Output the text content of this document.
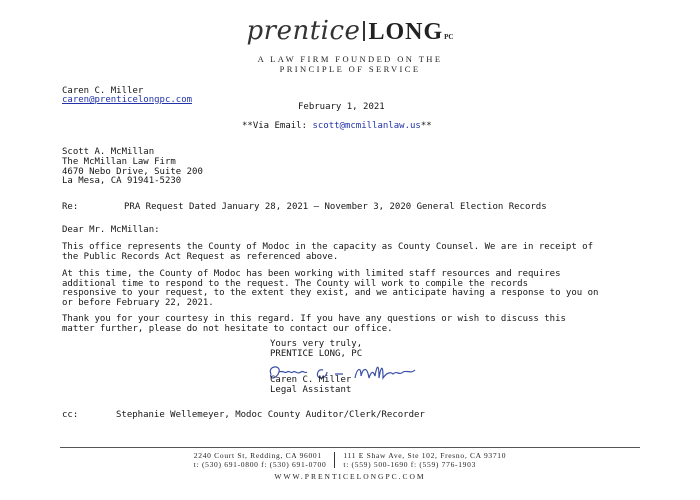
prentice LONGPC
A LAW FIRM FOUNDED ON THE
PRINCIPLE OF SERVICE
Caren C. Miller
caren@prenticelongpc.com
February 1, 2021
**Via Email: scott@mcmillanlaw.us**
Scott A. McMillan
The McMillan Law Firm
4670 Nebo Drive, Suite 200
La Mesa, CA 91941-5230
Re:	PRA Request Dated January 28, 2021 – November 3, 2020 General Election Records
Dear Mr. McMillan:
This office represents the County of Modoc in the capacity as County Counsel. We are in receipt of
the Public Records Act Request as referenced above.
At this time, the County of Modoc has been working with limited staff resources and requires
additional time to respond to the request. The County will work to compile the records
responsive to your request, to the extent they exist, and we anticipate having a response to you on
or before February 22, 2021.
Thank you for your courtesy in this regard. If you have any questions or wish to discuss this
matter further, please do not hesitate to contact our office.
Yours very truly,
PRENTICE LONG, PC
Caren C. Miller
Legal Assistant
cc:	Stephanie Wellemeyer, Modoc County Auditor/Clerk/Recorder
2240 Court St, Redding, CA 96001
t: (530) 691-0800 f: (530) 691-0700
111 E Shaw Ave, Ste 102, Fresno, CA 93710
t: (559) 500-1690 f: (559) 776-1903
WWW.PRENTICELONGPC.COM
